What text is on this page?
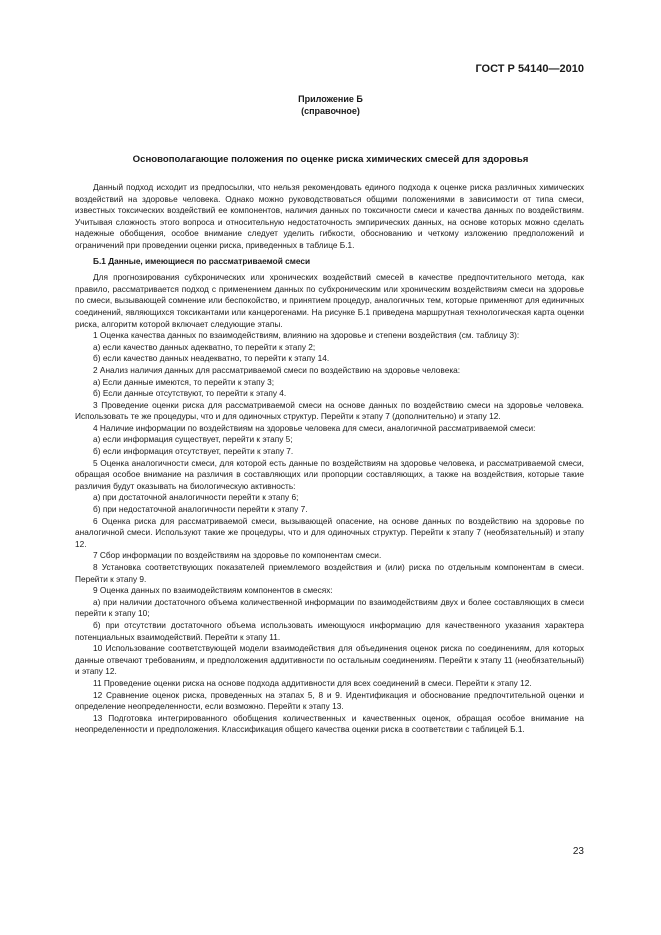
ГОСТ Р 54140—2010
Приложение Б
(справочное)
Основополагающие положения по оценке риска химических смесей для здоровья

Данный подход исходит из предпосылки, что нельзя рекомендовать единого подхода к оценке риска различных химических воздействий на здоровье человека. Однако можно руководствоваться общими положениями в зависимости от типа смеси, известных токсических воздействий ее компонентов, наличия данных по токсичности смеси и качества данных по воздействиям. Учитывая сложность этого вопроса и относительную недостаточность эмпирических данных, на основе которых можно сделать надежные обобщения, особое внимание следует уделить гибкости, обоснованию и четкому изложению предположений и ограничений при проведении оценки риска, приведенных в таблице Б.1.

Б.1 Данные, имеющиеся по рассматриваемой смеси

Для прогнозирования субхронических или хронических воздействий смесей в качестве предпочтительного метода, как правило, рассматривается подход с применением данных по субхроническим или хроническим воздействиям смеси на здоровье по смеси, вызывающей сомнение или беспокойство, и принятием процедур, аналогичных тем, которые применяют для единичных соединений, являющихся токсикантами или канцерогенами. На рисунке Б.1 приведена маршрутная технологическая карта оценки риска, алгоритм которой включает следующие этапы.

1 Оценка качества данных по взаимодействиям, влиянию на здоровье и степени воздействия (см. таблицу 3):

а) если качество данных адекватно, то перейти к этапу 2;

б) если качество данных неадекватно, то перейти к этапу 14.

2 Анализ наличия данных для рассматриваемой смеси по воздействию на здоровье человека:

а) Если данные имеются, то перейти к этапу 3;

б) Если данные отсутствуют, то перейти к этапу 4.

3 Проведение оценки риска для рассматриваемой смеси на основе данных по воздействию смеси на здоровье человека. Использовать те же процедуры, что и для одиночных структур. Перейти к этапу 7 (дополнительно) и этапу 12.

4 Наличие информации по воздействиям на здоровье человека для смеси, аналогичной рассматриваемой смеси:

а) если информация существует, перейти к этапу 5;

б) если информация отсутствует, перейти к этапу 7.

5 Оценка аналогичности смеси, для которой есть данные по воздействиям на здоровье человека, и рассматриваемой смеси, обращая особое внимание на различия в составляющих или пропорции составляющих, а также на воздействия, которые такие различия будут оказывать на биологическую активность:

а) при достаточной аналогичности перейти к этапу 6;

б) при недостаточной аналогичности перейти к этапу 7.

6 Оценка риска для рассматриваемой смеси, вызывающей опасение, на основе данных по воздействию на здоровье по аналогичной смеси. Используют такие же процедуры, что и для одиночных структур. Перейти к этапу 7 (необязательный) и этапу 12.

7 Сбор информации по воздействиям на здоровье по компонентам смеси.

8 Установка соответствующих показателей приемлемого воздействия и (или) риска по отдельным компонентам в смеси. Перейти к этапу 9.

9 Оценка данных по взаимодействиям компонентов в смесях:

а) при наличии достаточного объема количественной информации по взаимодействиям двух и более составляющих в смеси перейти к этапу 10;

б) при отсутствии достаточного объема использовать имеющуюся информацию для качественного указания характера потенциальных взаимодействий. Перейти к этапу 11.

10 Использование соответствующей модели взаимодействия для объединения оценок риска по соединениям, для которых данные отвечают требованиям, и предположения аддитивности по остальным соединениям. Перейти к этапу 11 (необязательный) и этапу 12.

11 Проведение оценки риска на основе подхода аддитивности для всех соединений в смеси. Перейти к этапу 12.

12 Сравнение оценок риска, проведенных на этапах 5, 8 и 9. Идентификация и обоснование предпочтительной оценки и определение неопределенности, если возможно. Перейти к этапу 13.

13 Подготовка интегрированного обобщения количественных и качественных оценок, обращая особое внимание на неопределенности и предположения. Классификация общего качества оценки риска в соответствии с таблицей Б.1.

23
